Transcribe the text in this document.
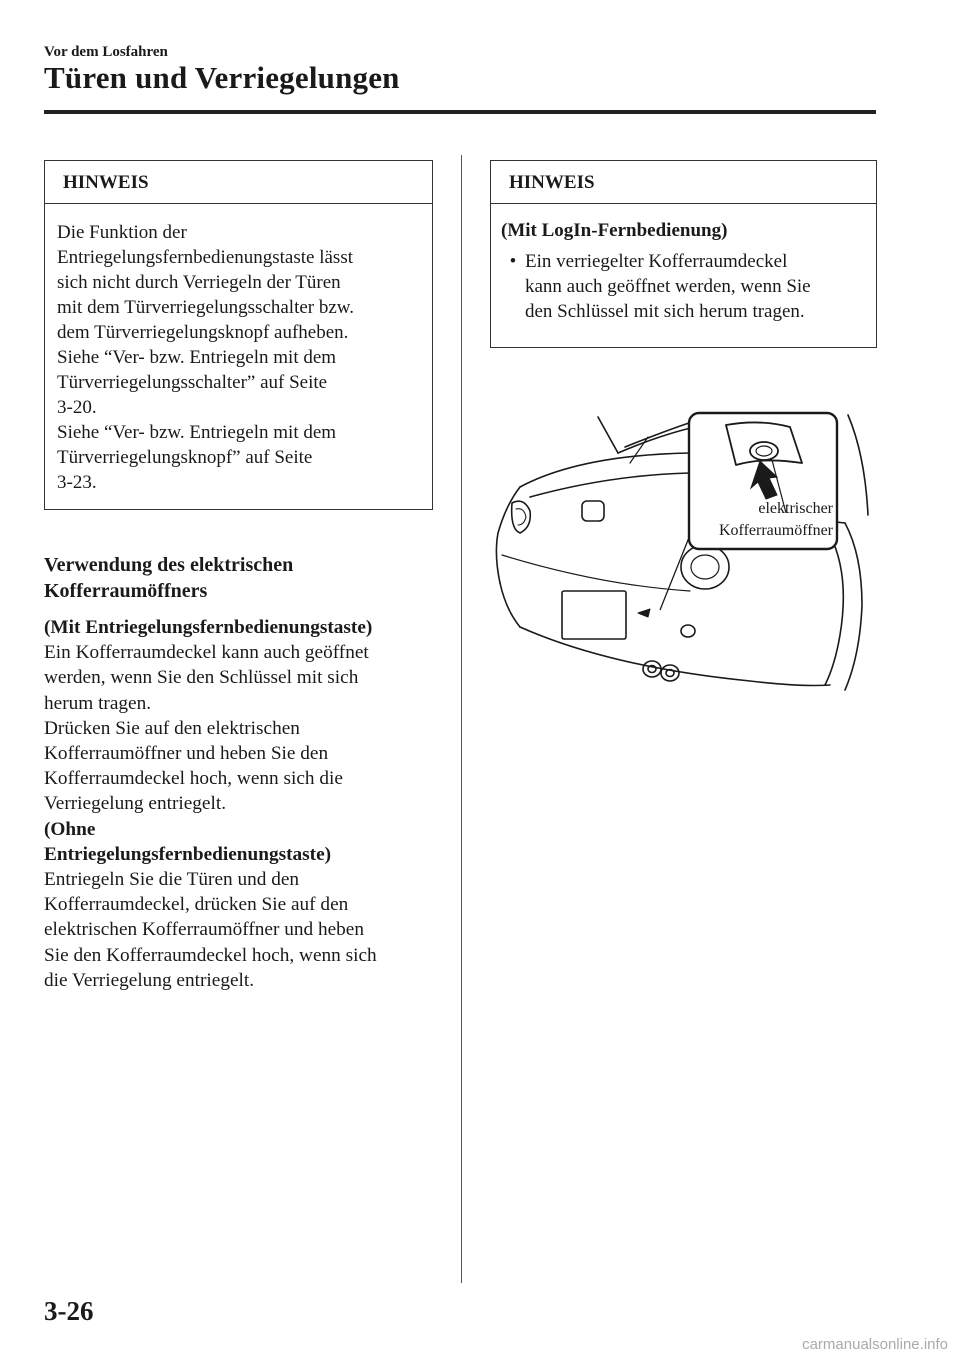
Vor dem Losfahren
Türen und Verriegelungen
HINWEIS
Die Funktion der
Entriegelungsfernbedienungstaste lässt
sich nicht durch Verriegeln der Türen
mit dem Türverriegelungsschalter bzw.
dem Türverriegelungsknopf aufheben.
Siehe “Ver- bzw. Entriegeln mit dem
Türverriegelungsschalter” auf Seite
3-20.
Siehe “Ver- bzw. Entriegeln mit dem
Türverriegelungsknopf” auf Seite
3-23.
HINWEIS
(Mit LogIn-Fernbedienung)
• Ein verriegelter Kofferraumdeckel
kann auch geöffnet werden, wenn Sie
den Schlüssel mit sich herum tragen.
Verwendung des elektrischen
Kofferraumöffners
(Mit Entriegelungsfernbedienungstaste)
Ein Kofferraumdeckel kann auch geöffnet
werden, wenn Sie den Schlüssel mit sich
herum tragen.
Drücken Sie auf den elektrischen
Kofferraumöffner und heben Sie den
Kofferraumdeckel hoch, wenn sich die
Verriegelung entriegelt.
(Ohne
Entriegelungsfernbedienungstaste)
Entriegeln Sie die Türen und den
Kofferraumdeckel, drücken Sie auf den
elektrischen Kofferraumöffner und heben
Sie den Kofferraumdeckel hoch, wenn sich
die Verriegelung entriegelt.
elektrischer
Kofferraumöffner
3-26
carmanualsonline.info
